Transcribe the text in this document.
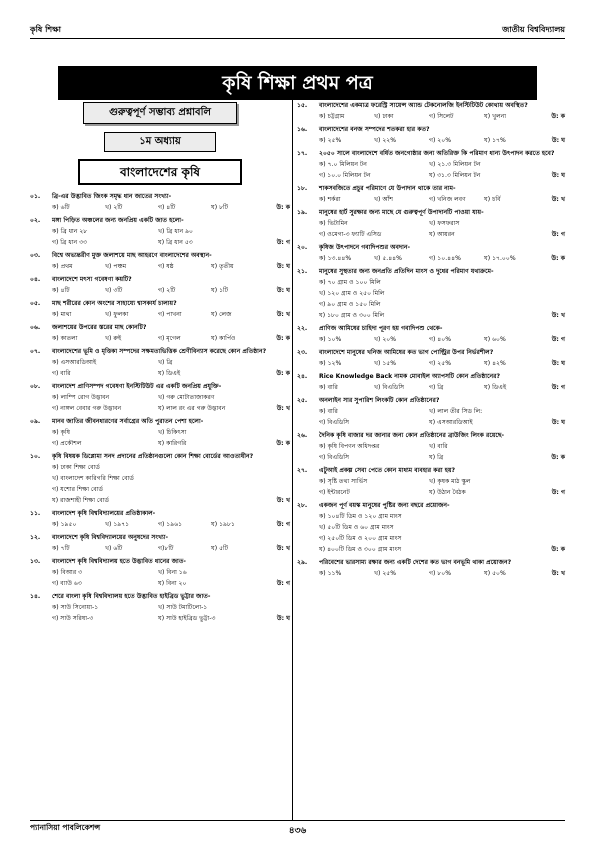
কৃষি শিক্ষা	জাতীয় বিশ্ববিদ্যালয়
কৃষি শিক্ষা প্রথম পত্র
গুরুত্বপূর্ণ সম্ভাব্য প্রশ্নাবলি
১ম অধ্যায়
বাংলাদেশের কৃষি
০১. ব্রি-এর উদ্ভাবিত জিংক সমৃদ্ধ ধান জাতের সংখ্যা-
ক) ৬টি	খ) ২টি	গ) ৪টি	ঘ) ৮টি	উ: ক
০২. মঙ্গা পিড়িত অঞ্চলের জন্য জনপ্রিয় একটি জাত হলো-
ক) ব্রি ধান ২৮	খ) ব্রি ধান ৯০
গ) ব্রি ধান ৩৩	ঘ) ব্রি ধান ৫৩	উ: গ
০৩. বিশ্বে অভ্যন্তরীণ মুক্ত জলাশয়ে মাছ আহরণে বাংলাদেশের অবস্থান-
ক) প্রথম	খ) পঞ্চম	গ) ষষ্ঠ	ঘ) তৃতীয়	উ: ঘ
০৪. বাংলাদেশে মৎস্য গবেষণা কয়টি?
ক) ৪টি	খ) ৩টি	গ) ২টি	ঘ) ১টি	উ: ঘ
০৫. মাছ শরীরের কোন অংশের সাহায্যে শ্বাসকার্য চালায়?
ক) মাথা	খ) ফুলকা	গ) পাখনা	ঘ) লেজ	উ: খ
০৬. জলাশয়ের উপরের স্তরের মাছ কোনটি?
ক) কাতলা	খ) রুই	গ) মৃগেল	ঘ) কার্পিও	উ: ক
০৭. বাংলাদেশের ভূমি ও মৃত্তিকা সম্পদের সক্ষমতাভিত্তিক শ্রেণীবিন্যাস করেছে কোন প্রতিষ্ঠান?
ক) এসআরডিআই	খ) ব্রি
গ) বারি	ঘ) ডিএই	উ: ক
০৮. বাংলাদেশ প্রাণিসম্পদ গবেষণা ইনস্টিটিউট এর একটি জনপ্রিয় প্রযুক্তি-
ক) লাম্পি রোগ উদ্ভাবন	খ) গরু মোটাতাজাকরণ
গ) নাঙ্গল বেবার গরু উদ্ভাবন	ঘ) লাল রং এর গরু উদ্ভাবন	উ: খ
০৯. মানব জাতির জীবনধারণের সর্বাগ্রের অতি পুরাতন পেশা হলো-
ক) কৃষি	খ) চিকিৎসা
গ) প্রকৌশল	ঘ) কারিগরি	উ: ক
১০. কৃষি বিষয়ক ডিপ্লোমা সনদ প্রদানের প্রতিষ্ঠানগুলো কোন শিক্ষা বোর্ডের আওতাধীন?
ক) ঢাকা শিক্ষা বোর্ড
খ) বাংলাদেশ কারিগরি শিক্ষা বোর্ড
গ) যশোর শিক্ষা বোর্ড
ঘ) রাজশাহী শিক্ষা বোর্ড	উ: খ
১১. বাংলাদেশ কৃষি বিশ্ববিদ্যালয়ের প্রতিষ্ঠাকাল-
ক) ১৯৫০	খ) ১৯৭১	গ) ১৯৬১	ঘ) ১৯৮১	উ: গ
১২. বাংলাদেশে কৃষি বিশ্ববিদ্যালয়ের অনুষদের সংখ্যা-
ক) ৭টি	খ) ৬টি	গ)৮টি	ঘ) ৫টি	উ: খ
১৩. বাংলাদেশ কৃষি বিশ্ববিদ্যালয় হতে উদ্ভাবিত ধানের জাত-
ক) বিআর ৩	খ) বিনা ১৬
গ) ব্যাউ ৬৩	ঘ) বিনা ২০	উ: গ
১৪. শেরে বাংলা কৃষি বিশ্ববিদ্যালয় হতে উদ্ভাবিত হাইব্রিড ভুট্টার জাত-
ক) সাউ সিনোয়া-১	খ) সাউ টমাটিলো-১
গ) সাউ সরিষা-৩	ঘ) সাউ হাইব্রিড ভুট্টা-৩	উ: ঘ
১৫. বাংলাদেশের একমাত্র ফরেস্ট্রি সায়েন্স অ্যান্ড টেকনোলজি ইনস্টিটিউট কোথায় অবস্থিত?
ক) চট্টগ্রাম	খ) ঢাকা	গ) সিলেট	ঘ) খুলনা	উ: ক
১৬. বাংলাদেশের বনজ সম্পদের শতকরা হার কত?
ক) ২৫%	খ) ২২%	গ) ২০%	ঘ) ১৭%	উ: ঘ
১৭. ২০৫০ সালে বাংলাদেশে বর্ধিত জনগোষ্ঠার জন্য অতিরিক্ত কি পরিমাণ ধান্য উৎপাদন করতে হবে?
ক) ৭.০ মিলিয়ন টন	খ) ২১.৩ মিলিয়ন টন
গ) ১০.০ মিলিয়ন টন	ঘ) ৩১.৩ মিলিয়ন টন	উ: ঘ
১৮. শাকসবজিতে প্রচুর পরিমাণে যে উপাদান থাকে তার নাম-
ক) শর্করা	খ) আঁশ	গ) খনিজ লবণ	ঘ) চর্বি	উ: খ
১৯. মানুষের হার্ট সুরক্ষার জন্য মাছে যে গুরুত্বপূর্ণ উপাদানটি পাওয়া যায়-
ক) ভিটামিন	খ) ফসফরাস
গ) ওমেগা-৩ ফ্যাটি এসিড	ঘ) আয়রন	উ: গ
২০. কৃষিজ উৎপাদনে গবাদিপশুর অবদান-
ক) ১৩.৪৪%	খ) ৫.৪৪%	গ) ১০.৪৪%	ঘ) ১৭.০০%	উ: ক
২১. মানুষের সুস্থতার জন্য জনপ্রতি প্রতিদিন মাংস ও দুধের পরিমাণ যথাক্রমে-
ক) ৭০ গ্রাম ও ১০০ মিলি
খ) ১২০ গ্রাম ও ২৫০ মিলি
গ) ৯০ গ্রাম ও ১৫০ মিলি
ঘ) ১৮০ গ্রাম ও ৩০০ মিলি	উ: খ
২২. প্রাণিজ আমিষের চাহিদা পূরণ হয় গবাদিপশু থেকে-
ক) ১০%	খ) ২০%	গ) ৪০%	ঘ) ৬০%	উ: গ
২৩. বাংলাদেশে মানুষের খনিজ আমিষের কত ভাগ পোল্ট্রির উপর নির্ভরশীল?
ক) ১২%	খ) ১৫%	গ) ২৫%	ঘ) ৪২%	উ: ঘ
২৪. Rice Knowledge Back নামক মোবাইল অ্যাপসটি কোন প্রতিষ্ঠানের?
ক) বারি	খ) বিএডিসি	গ) ব্রি	ঘ) ডিএই	উ: গ
২৫. অনলাইন সার সুপারিশ লিংকটি কোন প্রতিষ্ঠানের?
ক) বারি	খ) লাল তীর সিড লি:
গ) বিএডিসি	ঘ) এসআরডিআই	উ: ঘ
২৬. দৈনিক কৃষি বাজার দর জানার জন্য কোন প্রতিষ্ঠানের ব্রাউজিং লিংক রয়েছে-
ক) কৃষি বিপণন অধিদপ্তর	খ) বারি
গ) বিএডিসি	ঘ) ব্রি	উ: ক
২৭. এটুআই প্রকল্প সেবা পেতে কোন মাধ্যম ব্যবহার করা হয়?
ক) সৃষ্টি তথ্য সার্ভিস	খ) কৃষক মাঠ স্কুল
গ) ইন্টারনেট	ঘ) উঠান বৈঠক	উ: গ
২৮. একজন পূর্ণ বয়স্ক মানুষের পুষ্টির জন্য বছরে প্রয়োজন-
ক) ১০৪টি ডিম ও ১২০ গ্রাম মাংস
খ) ৫০টি ডিম ও ৬০ গ্রাম মাংস
গ) ২৫০টি ডিম ও ২০০ গ্রাম মাংস
ঘ) ৪০০টি ডিম ও ৩০০ গ্রাম মাংস	উ: ক
২৯. পরিবেশের ভারসাম্য রক্ষার জন্য একটি দেশের কত ভাগ বনভূমি থাকা প্রয়োজন?
ক) ১১%	খ) ২৫%	গ) ৮০%	ঘ) ৫০%	উ: খ
প্যানাসিয়া পাবলিকেশন্স	৪৩৬
